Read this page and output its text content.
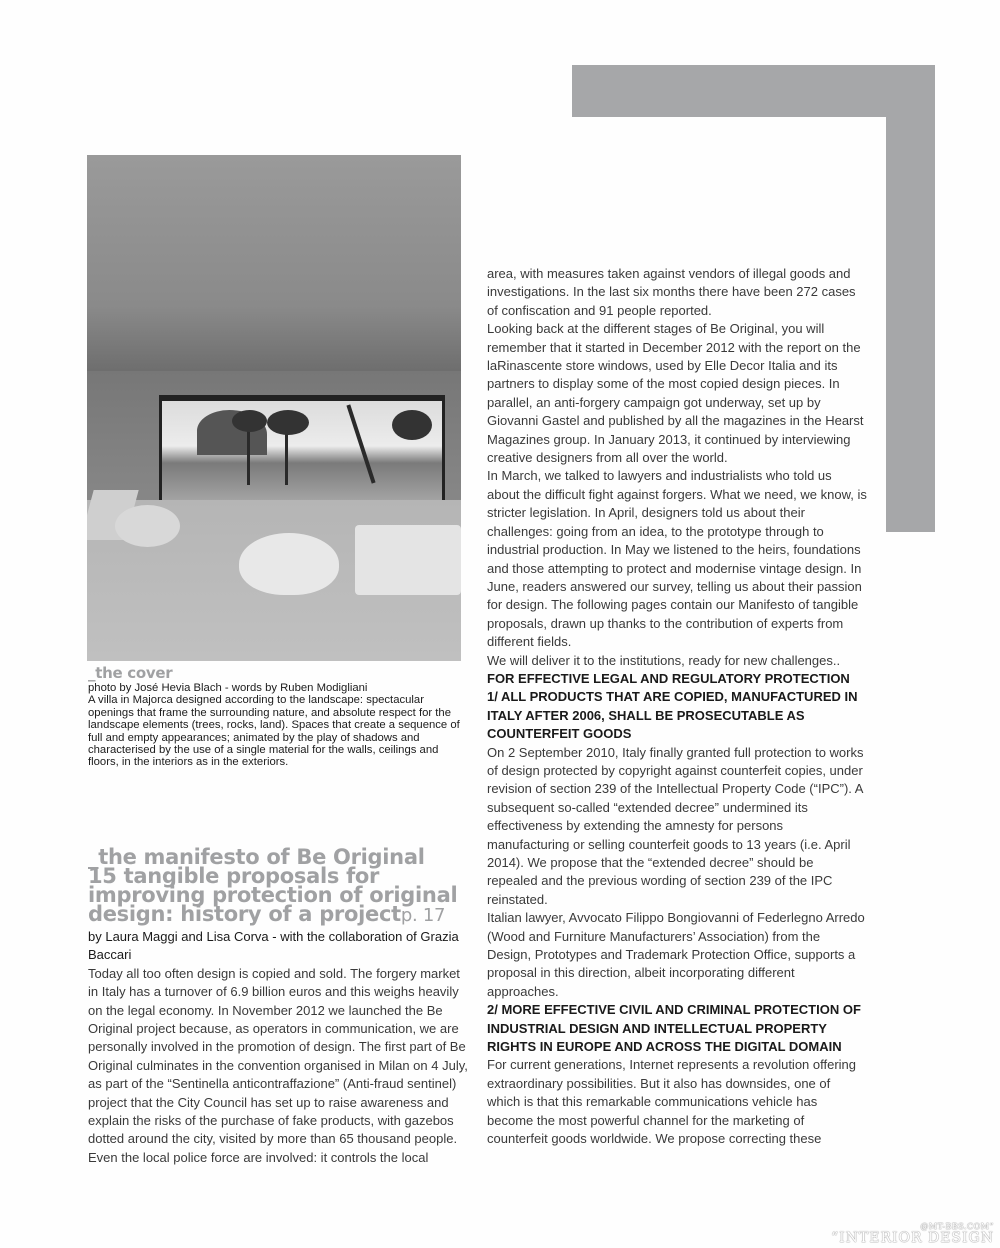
_the cover
photo by José Hevia Blach - words by Ruben Modigliani
A villa in Majorca designed according to the landscape: spectacular openings that frame the surrounding nature, and absolute respect for the landscape elements (trees, rocks, land). Spaces that create a sequence of full and empty appearances; animated by the play of shadows and characterised by the use of a single material for the walls, ceilings and floors, in the interiors as in the exteriors.
_the manifesto of Be Original
15 tangible proposals for
improving protection of original
design: history of a projectp. 17
by Laura Maggi and Lisa Corva - with the collaboration of Grazia Baccari

Today all too often design is copied and sold. The forgery market in Italy has a turnover of 6.9 billion euros and this weighs heavily on the legal economy. In November 2012 we launched the Be Original project because, as operators in communication, we are personally involved in the promotion of design. The first part of Be Original culminates in the convention organised in Milan on 4 July, as part of the “Sentinella anticontraffazione” (Anti-fraud sentinel) project that the City Council has set up to raise awareness and explain the risks of the purchase of fake products, with gazebos dotted around the city, visited by more than 65 thousand people. Even the local police force are involved: it controls the local

area, with measures taken against vendors of illegal goods and investigations. In the last six months there have been 272 cases of confiscation and 91 people reported.

Looking back at the different stages of Be Original, you will remember that it started in December 2012 with the report on the laRinascente store windows, used by Elle Decor Italia and its partners to display some of the most copied design pieces. In parallel, an anti-forgery campaign got underway, set up by Giovanni Gastel and published by all the magazines in the Hearst Magazines group. In January 2013, it continued by interviewing creative designers from all over the world.

In March, we talked to lawyers and industrialists who told us about the difficult fight against forgers. What we need, we know, is stricter legislation. In April, designers told us about their challenges: going from an idea, to the prototype through to industrial production. In May we listened to the heirs, foundations and those attempting to protect and modernise vintage design. In June, readers answered our survey, telling us about their passion for design. The following pages contain our Manifesto of tangible proposals, drawn up thanks to the contribution of experts from different fields.

We will deliver it to the institutions, ready for new challenges..

FOR EFFECTIVE LEGAL AND REGULATORY PROTECTION

1/ ALL PRODUCTS THAT ARE COPIED, MANUFACTURED IN ITALY AFTER 2006, SHALL BE PROSECUTABLE AS COUNTERFEIT GOODS

On 2 September 2010, Italy finally granted full protection to works of design protected by copyright against counterfeit copies, under revision of section 239 of the Intellectual Property Code (“IPC”). A subsequent so-called “extended decree” undermined its effectiveness by extending the amnesty for persons manufacturing or selling counterfeit goods to 13 years (i.e. April 2014). We propose that the “extended decree” should be repealed and the previous wording of section 239 of the IPC reinstated.

Italian lawyer, Avvocato Filippo Bongiovanni of Federlegno Arredo (Wood and Furniture Manufacturers’ Association) from the Design, Prototypes and Trademark Protection Office, supports a proposal in this direction, albeit incorporating different approaches.

2/ MORE EFFECTIVE CIVIL AND CRIMINAL PROTECTION OF INDUSTRIAL DESIGN AND INTELLECTUAL PROPERTY RIGHTS IN EUROPE AND ACROSS THE DIGITAL DOMAIN

For current generations, Internet represents a revolution offering extraordinary possibilities. But it also has downsides, one of which is that this remarkable communications vehicle has become the most powerful channel for the marketing of counterfeit goods worldwide. We propose correcting these

@MT-BBS.COM”
“INTERIOR DESIGN
